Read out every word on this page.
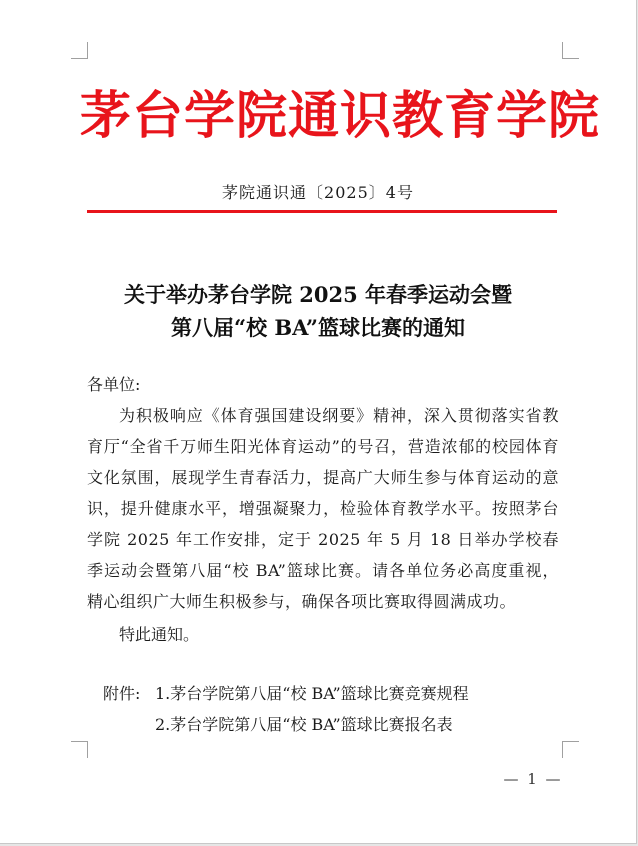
茅台学院通识教育学院
茅院通识通〔2025〕4号
关于举办茅台学院 2025 年春季运动会暨
第八届“校 BA”篮球比赛的通知
各单位:
为积极响应《体育强国建设纲要》精神，深入贯彻落实省教育厅“全省千万师生阳光体育运动”的号召，营造浓郁的校园体育文化氛围，展现学生青春活力，提高广大师生参与体育运动的意识，提升健康水平，增强凝聚力，检验体育教学水平。按照茅台学院 2025 年工作安排，定于 2025 年 5 月 18 日举办学校春季运动会暨第八届“校 BA”篮球比赛。请各单位务必高度重视，精心组织广大师生积极参与，确保各项比赛取得圆满成功。
特此通知。
附件: 1.茅台学院第八届“校 BA”篮球比赛竞赛规程
2.茅台学院第八届“校 BA”篮球比赛报名表
— 1 —
